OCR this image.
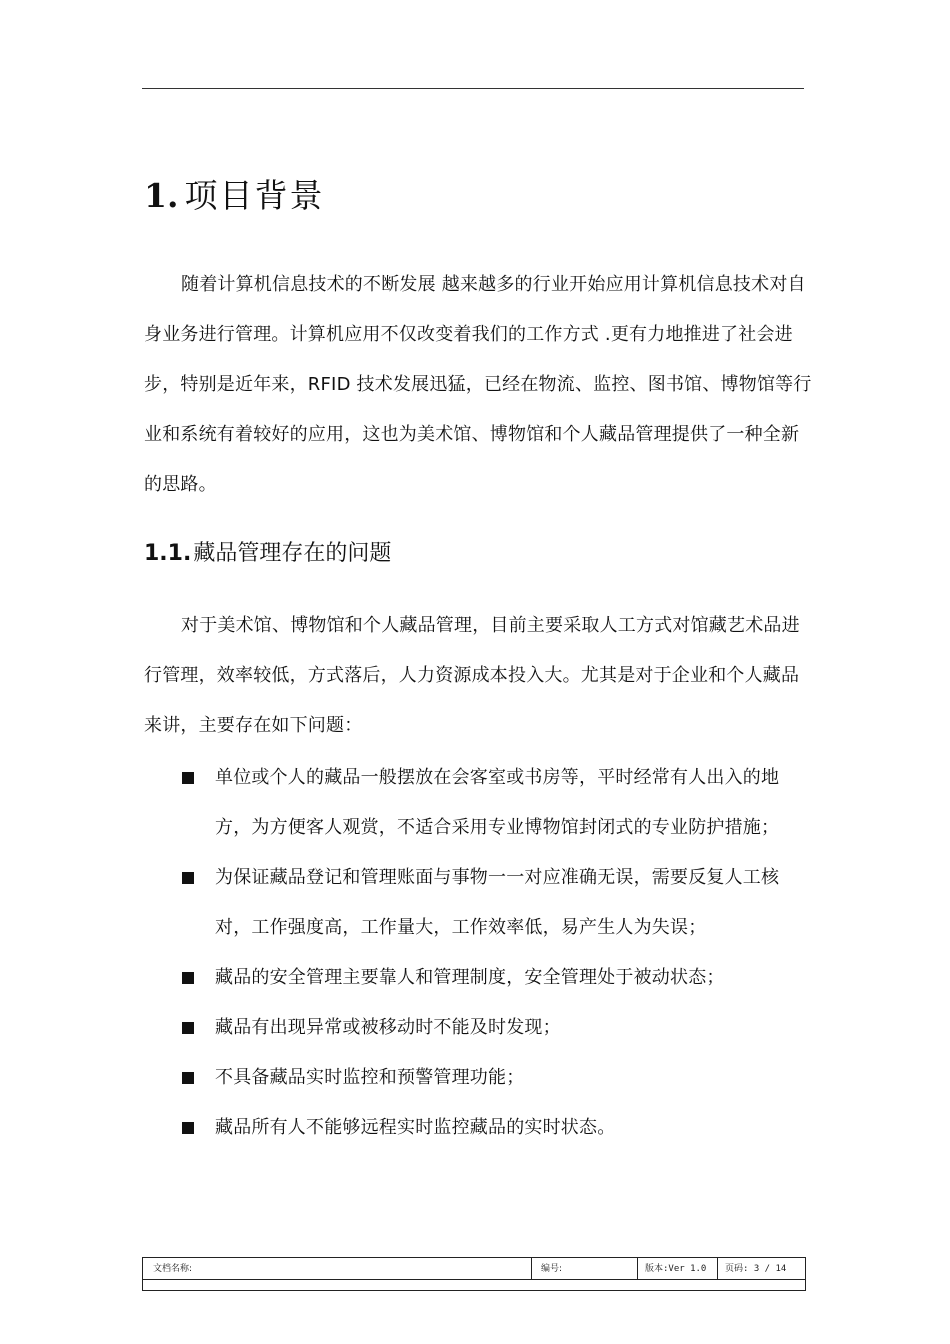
1. 项目背景

随着计算机信息技术的不断发展 越来越多的行业开始应用计算机信息技术对自身业务进行管理。计算机应用不仅改变着我们的工作方式 .更有力地推进了社会进步，特别是近年来，RFID 技术发展迅猛，已经在物流、监控、图书馆、博物馆等行业和系统有着较好的应用，这也为美术馆、博物馆和个人藏品管理提供了一种全新的思路。

1.1. 藏品管理存在的问题

对于美术馆、博物馆和个人藏品管理，目前主要采取人工方式对馆藏艺术品进行管理，效率较低，方式落后，人力资源成本投入大。尤其是对于企业和个人藏品来讲，主要存在如下问题：

单位或个人的藏品一般摆放在会客室或书房等，平时经常有人出入的地方，为方便客人观赏，不适合采用专业博物馆封闭式的专业防护措施；
为保证藏品登记和管理账面与事物一一对应准确无误，需要反复人工核对，工作强度高，工作量大，工作效率低，易产生人为失误；
藏品的安全管理主要靠人和管理制度，安全管理处于被动状态；
藏品有出现异常或被移动时不能及时发现；
不具备藏品实时监控和预警管理功能；
藏品所有人不能够远程实时监控藏品的实时状态。
文档名称:	编号:	版本:Ver 1.0 页码: 3 / 14
